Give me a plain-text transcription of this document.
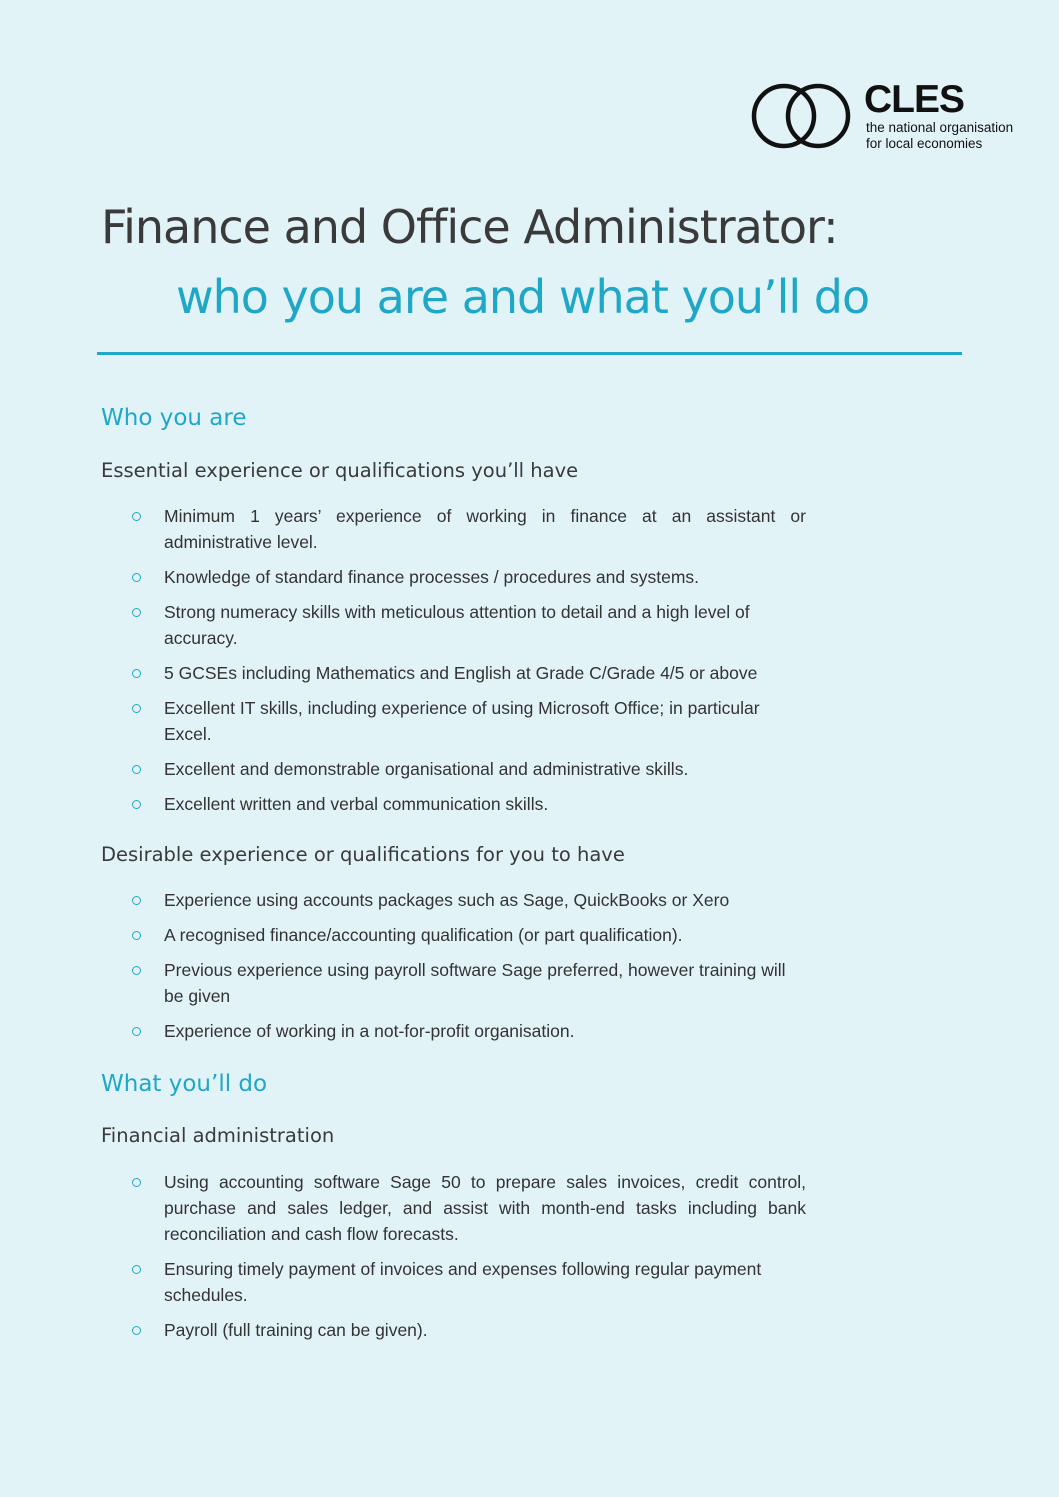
CLES
the national organisation
for local economies
Finance and Office Administrator:
who you are and what you’ll do
Who you are
Essential experience or qualifications you’ll have
Minimum 1 years’ experience of working in finance at an assistant or administrative level.
Knowledge of standard finance processes / procedures and systems.
Strong numeracy skills with meticulous attention to detail and a high level of accuracy.
5 GCSEs including Mathematics and English at Grade C/Grade 4/5 or above
Excellent IT skills, including experience of using Microsoft Office; in particular Excel.
Excellent and demonstrable organisational and administrative skills.
Excellent written and verbal communication skills.
Desirable experience or qualifications for you to have
Experience using accounts packages such as Sage, QuickBooks or Xero
A recognised finance/accounting qualification (or part qualification).
Previous experience using payroll software Sage preferred, however training will be given
Experience of working in a not-for-profit organisation.
What you’ll do
Financial administration
Using accounting software Sage 50 to prepare sales invoices, credit control, purchase and sales ledger, and assist with month-end tasks including bank reconciliation and cash flow forecasts.
Ensuring timely payment of invoices and expenses following regular payment schedules.
Payroll (full training can be given).
